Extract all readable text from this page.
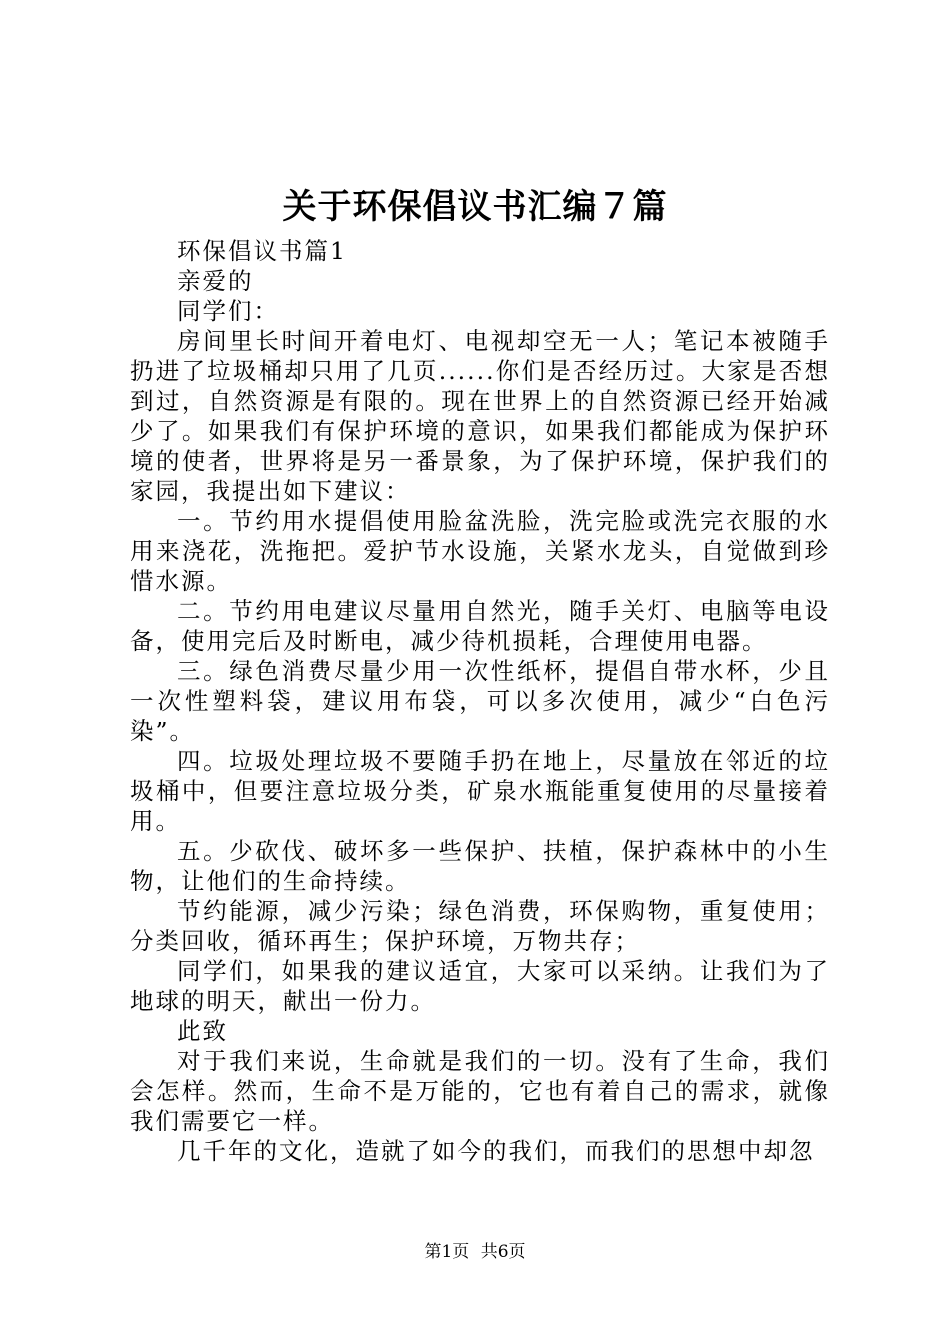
关于环保倡议书汇编７篇

环保倡议书篇1

亲爱的

同学们：

房间里长时间开着电灯、电视却空无一人；笔记本被随手扔进了垃圾桶却只用了几页......你们是否经历过。大家是否想到过，自然资源是有限的。现在世界上的自然资源已经开始减少了。如果我们有保护环境的意识，如果我们都能成为保护环境的使者，世界将是另一番景象，为了保护环境，保护我们的家园，我提出如下建议：

一。节约用水提倡使用脸盆洗脸，洗完脸或洗完衣服的水用来浇花，洗拖把。爱护节水设施，关紧水龙头，自觉做到珍惜水源。

二。节约用电建议尽量用自然光，随手关灯、电脑等电设备，使用完后及时断电，减少待机损耗，合理使用电器。

三。绿色消费尽量少用一次性纸杯，提倡自带水杯，少且一次性塑料袋，建议用布袋，可以多次使用，减少“白色污染”。

四。垃圾处理垃圾不要随手扔在地上，尽量放在邻近的垃圾桶中，但要注意垃圾分类，矿泉水瓶能重复使用的尽量接着用。

五。少砍伐、破坏多一些保护、扶植，保护森林中的小生物，让他们的生命持续。

节约能源，减少污染；绿色消费，环保购物，重复使用；分类回收，循环再生；保护环境，万物共存；

同学们，如果我的建议适宜，大家可以采纳。让我们为了地球的明天，献出一份力。

此致

对于我们来说，生命就是我们的一切。没有了生命，我们会怎样。然而，生命不是万能的，它也有着自己的需求，就像我们需要它一样。

几千年的文化，造就了如今的我们，而我们的思想中却忽

第1页 共6页
